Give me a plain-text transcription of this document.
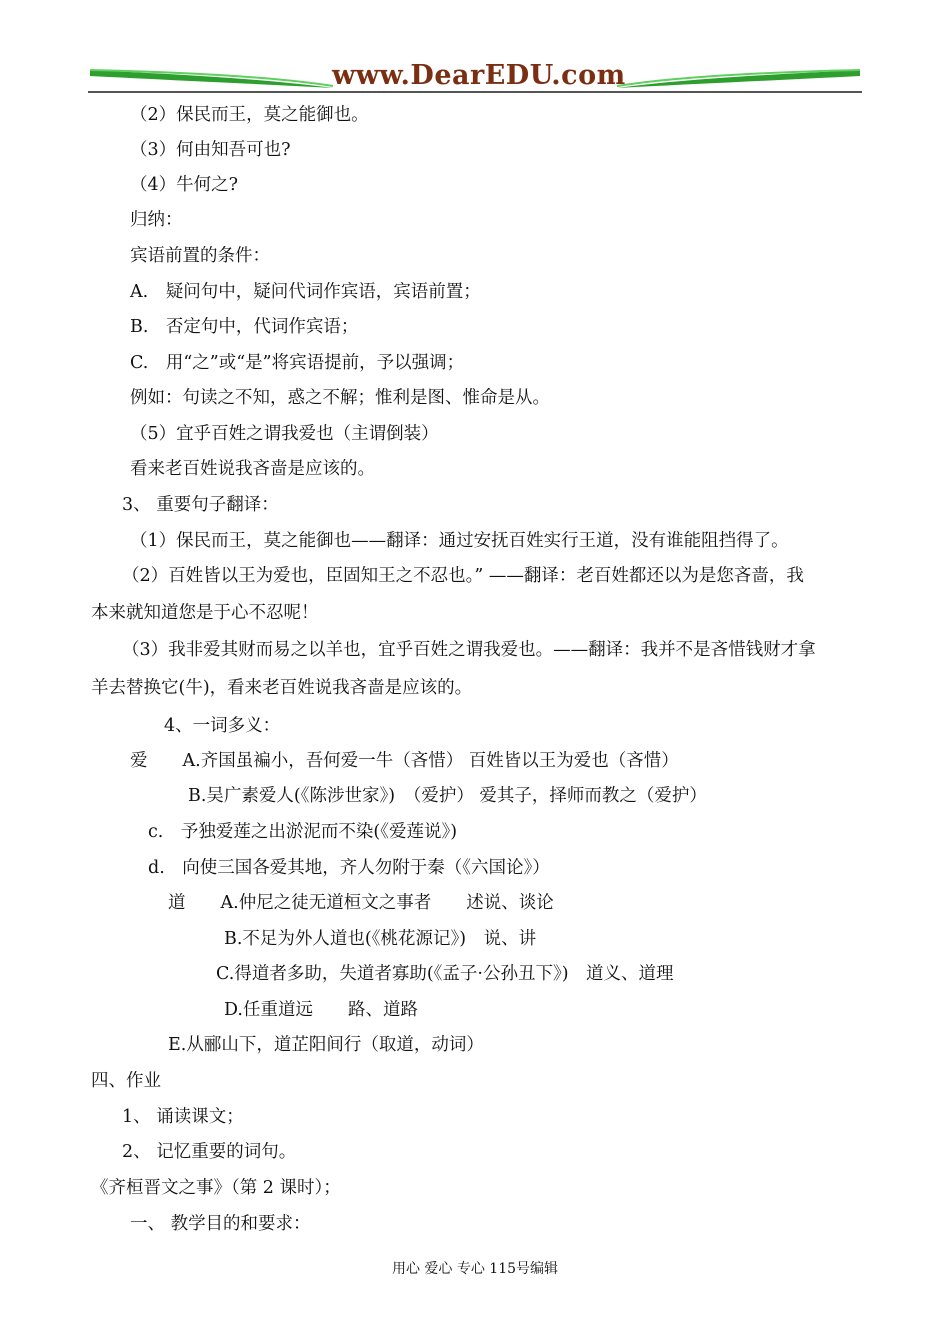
www.DearEDU.com
（2）保民而王，莫之能御也。
（3）何由知吾可也?
（4）牛何之?
归纳：
宾语前置的条件：
A.　疑问句中，疑问代词作宾语，宾语前置；
B.　否定句中，代词作宾语；
C.　用“之”或“是”将宾语提前，予以强调；
例如：句读之不知，惑之不解；惟利是图、惟命是从。
（5）宜乎百姓之谓我爱也（主谓倒装）
看来老百姓说我吝啬是应该的。
3、 重要句子翻译：
（1）保民而王，莫之能御也——翻译：通过安抚百姓实行王道，没有谁能阻挡得了。
（2）百姓皆以王为爱也，臣固知王之不忍也。” ——翻译：老百姓都还以为是您吝啬，我
本来就知道您是于心不忍呢！
（3）我非爱其财而易之以羊也，宜乎百姓之谓我爱也。——翻译：我并不是吝惜钱财才拿
羊去替换它(牛)，看来老百姓说我吝啬是应该的。
4、一词多义：
爱　　A.齐国虽褊小，吾何爱一牛（吝惜） 百姓皆以王为爱也（吝惜）
B.吴广素爱人(《陈涉世家》)　（爱护） 爱其子，择师而教之（爱护）
c.　予独爱莲之出淤泥而不染(《爱莲说》)
d.　向使三国各爱其地，齐人勿附于秦（《六国论》）
道　　A.仲尼之徒无道桓文之事者　　述说、谈论
B.不足为外人道也(《桃花源记》)　说、讲
C.得道者多助，失道者寡助(《孟子·公孙丑下》)　道义、道理
D.任重道远　　路、道路
E.从郦山下，道芷阳间行（取道，动词）
四、作业
1、 诵读课文；
2、 记忆重要的词句。
《齐桓晋文之事》（第 2 课时）；
一、 教学目的和要求：
用心 爱心 专心 115号编辑
